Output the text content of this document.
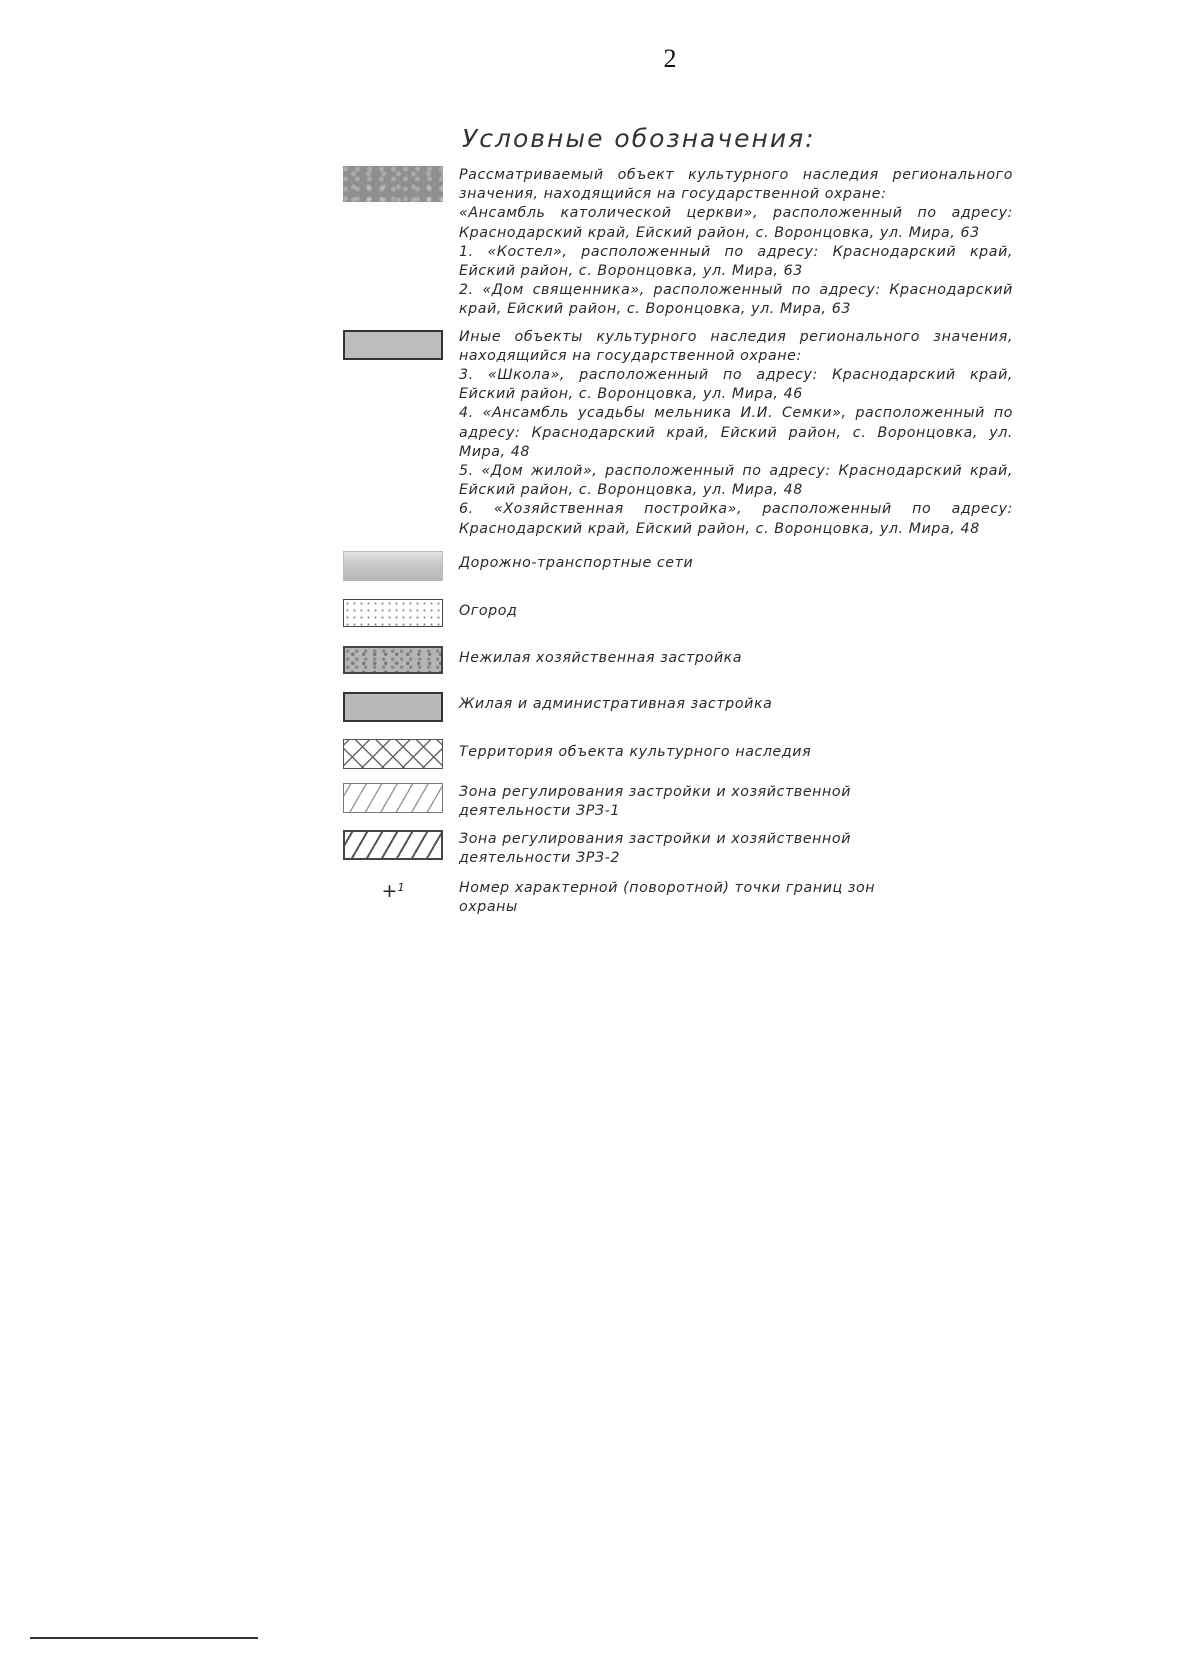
2
Условные обозначения:

Рассматриваемый объект культурного наследия регионального значения, находящийся на государственной охране:

«Ансамбль католической церкви», расположенный по адресу: Краснодарский край, Ейский район, с. Воронцовка, ул. Мира, 63

1. «Костел», расположенный по адресу: Краснодарский край, Ейский район, с. Воронцовка, ул. Мира, 63

2. «Дом священника», расположенный по адресу: Краснодарский край, Ейский район, с. Воронцовка, ул. Мира, 63

Иные объекты культурного наследия регионального значения, находящийся на государственной охране:

3. «Школа», расположенный по адресу: Краснодарский край, Ейский район, с. Воронцовка, ул. Мира, 46

4. «Ансамбль усадьбы мельника И.И. Семки», расположенный по адресу: Краснодарский край, Ейский район, с. Воронцовка, ул. Мира, 48

5. «Дом жилой», расположенный по адресу: Краснодарский край, Ейский район, с. Воронцовка, ул. Мира, 48

6. «Хозяйственная постройка», расположенный по адресу: Краснодарский край, Ейский район, с. Воронцовка, ул. Мира, 48

Дорожно-транспортные сети

Огород

Нежилая хозяйственная застройка

Жилая и административная застройка

Территория объекта культурного наследия

Зона регулирования застройки и хозяйственной деятельности ЗРЗ-1

Зона регулирования застройки и хозяйственной деятельности ЗРЗ-2

+$^1$	Номер характерной (поворотной) точки границ зон охраны
